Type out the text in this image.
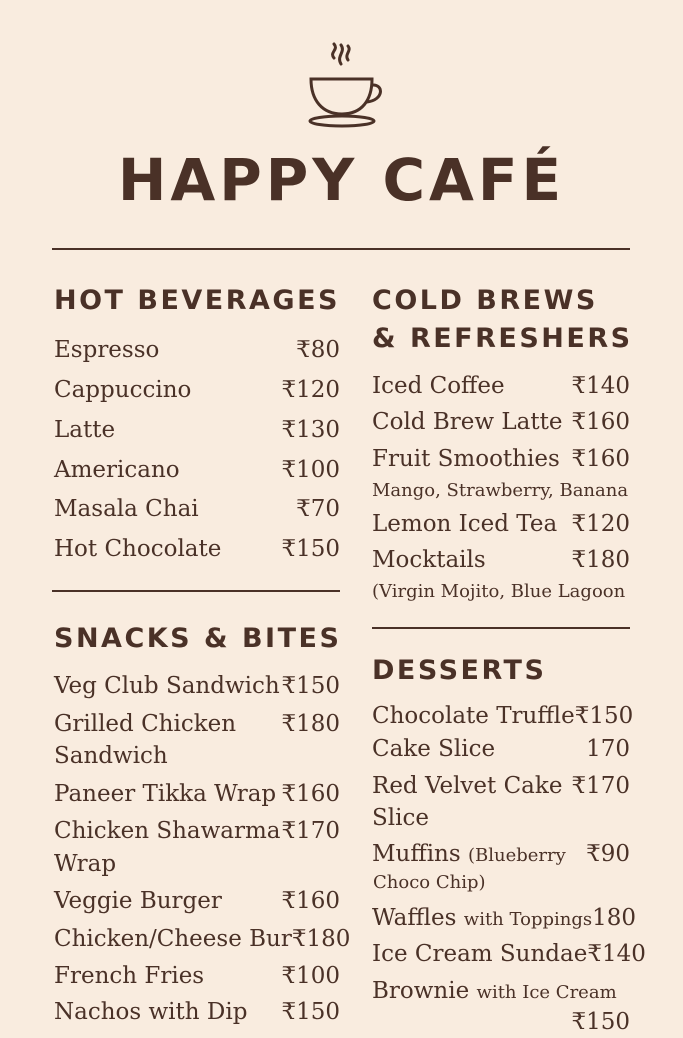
HAPPY CAFÉ
HOT BEVERAGES
Espresso	₹80
Cappuccino	₹120
Latte	₹130
Americano	₹100
Masala Chai	₹70
Hot Chocolate	₹150
SNACKS & BITES
Veg Club Sandwich ₹150
Grilled Chicken ₹180
Sandwich
Paneer Tikka Wrap ₹160
Chicken Shawarma ₹170
Wrap
Veggie Burger	₹160
Chicken/Cheese Bur ₹180
French Fries	₹100
Nachos with Dip ₹150
COLD BREWS
& REFRESHERS
Iced Coffee	₹140
Cold Brew Latte ₹160
Fruit Smoothies ₹160
Mango, Strawberry, Banana
Lemon Iced Tea ₹120
Mocktails	₹180
(Virgin Mojito, Blue Lagoon
DESSERTS
Chocolate Truffle ₹150
Cake Slice	170
Red Velvet Cake ₹170
Slice
Muffins (Blueberry ₹90
Choco Chip)
Waffles with Toppings 180
Ice Cream Sundae ₹140
Brownie with Ice Cream
₹150
